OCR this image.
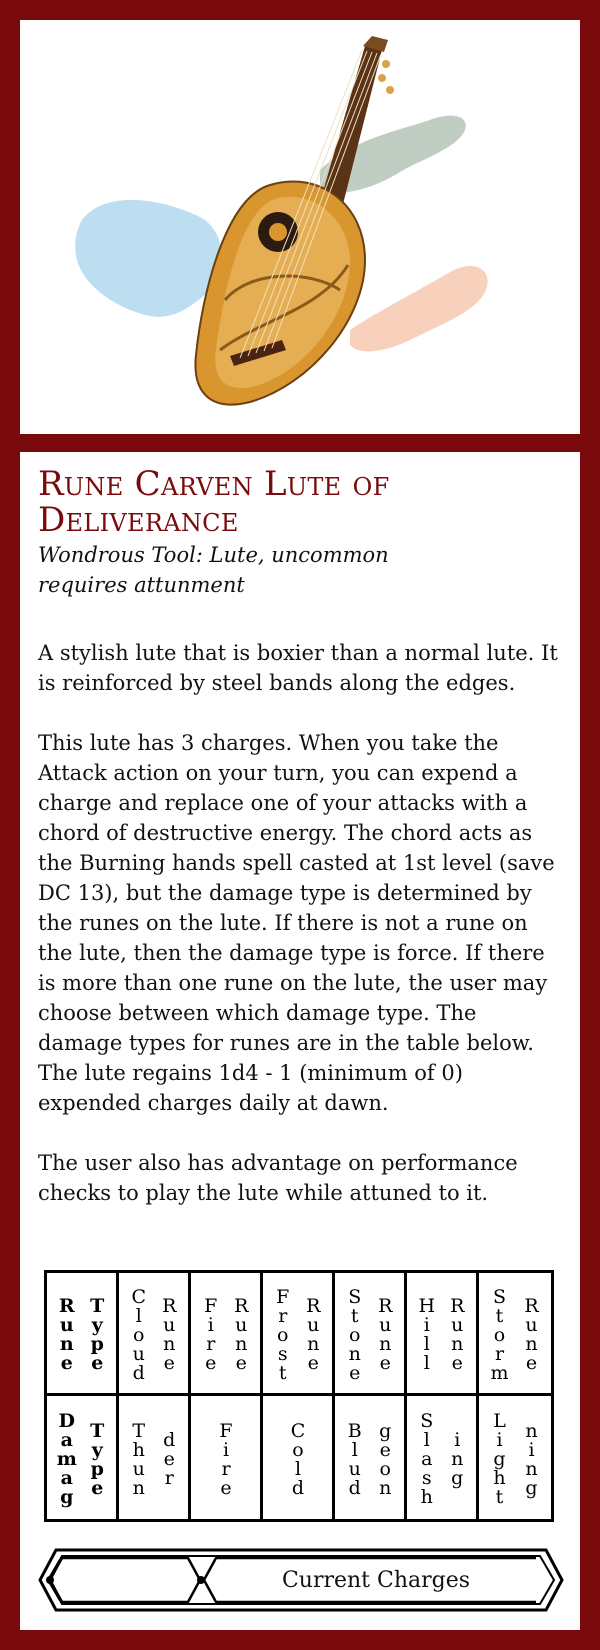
Rune Carven Lute of Deliverance
Wondrous Tool: Lute, uncommon
requires attunment

A stylish lute that is boxier than a normal lute. It is reinforced by steel bands along the edges.

This lute has 3 charges. When you take the Attack action on your turn, you can expend a charge and replace one of your attacks with a chord of destructive energy. The chord acts as the Burning hands spell casted at 1st level (save DC 13), but the damage type is determined by the runes on the lute. If there is not a rune on the lute, then the damage type is force. If there is more than one rune on the lute, the user may choose between which damage type. The damage types for runes are in the table below. The lute regains 1d4 - 1 (minimum of 0) expended charges daily at dawn.

The user also has advantage on performance checks to play the lute while attuned to it.

Rune Type Cloud Rune Fire Rune Frost Rune Stone Rune Hill Rune Storm Rune
Damag Type Thun der Fire	Cold Blud geon Slash ing Light ning
Current Charges
